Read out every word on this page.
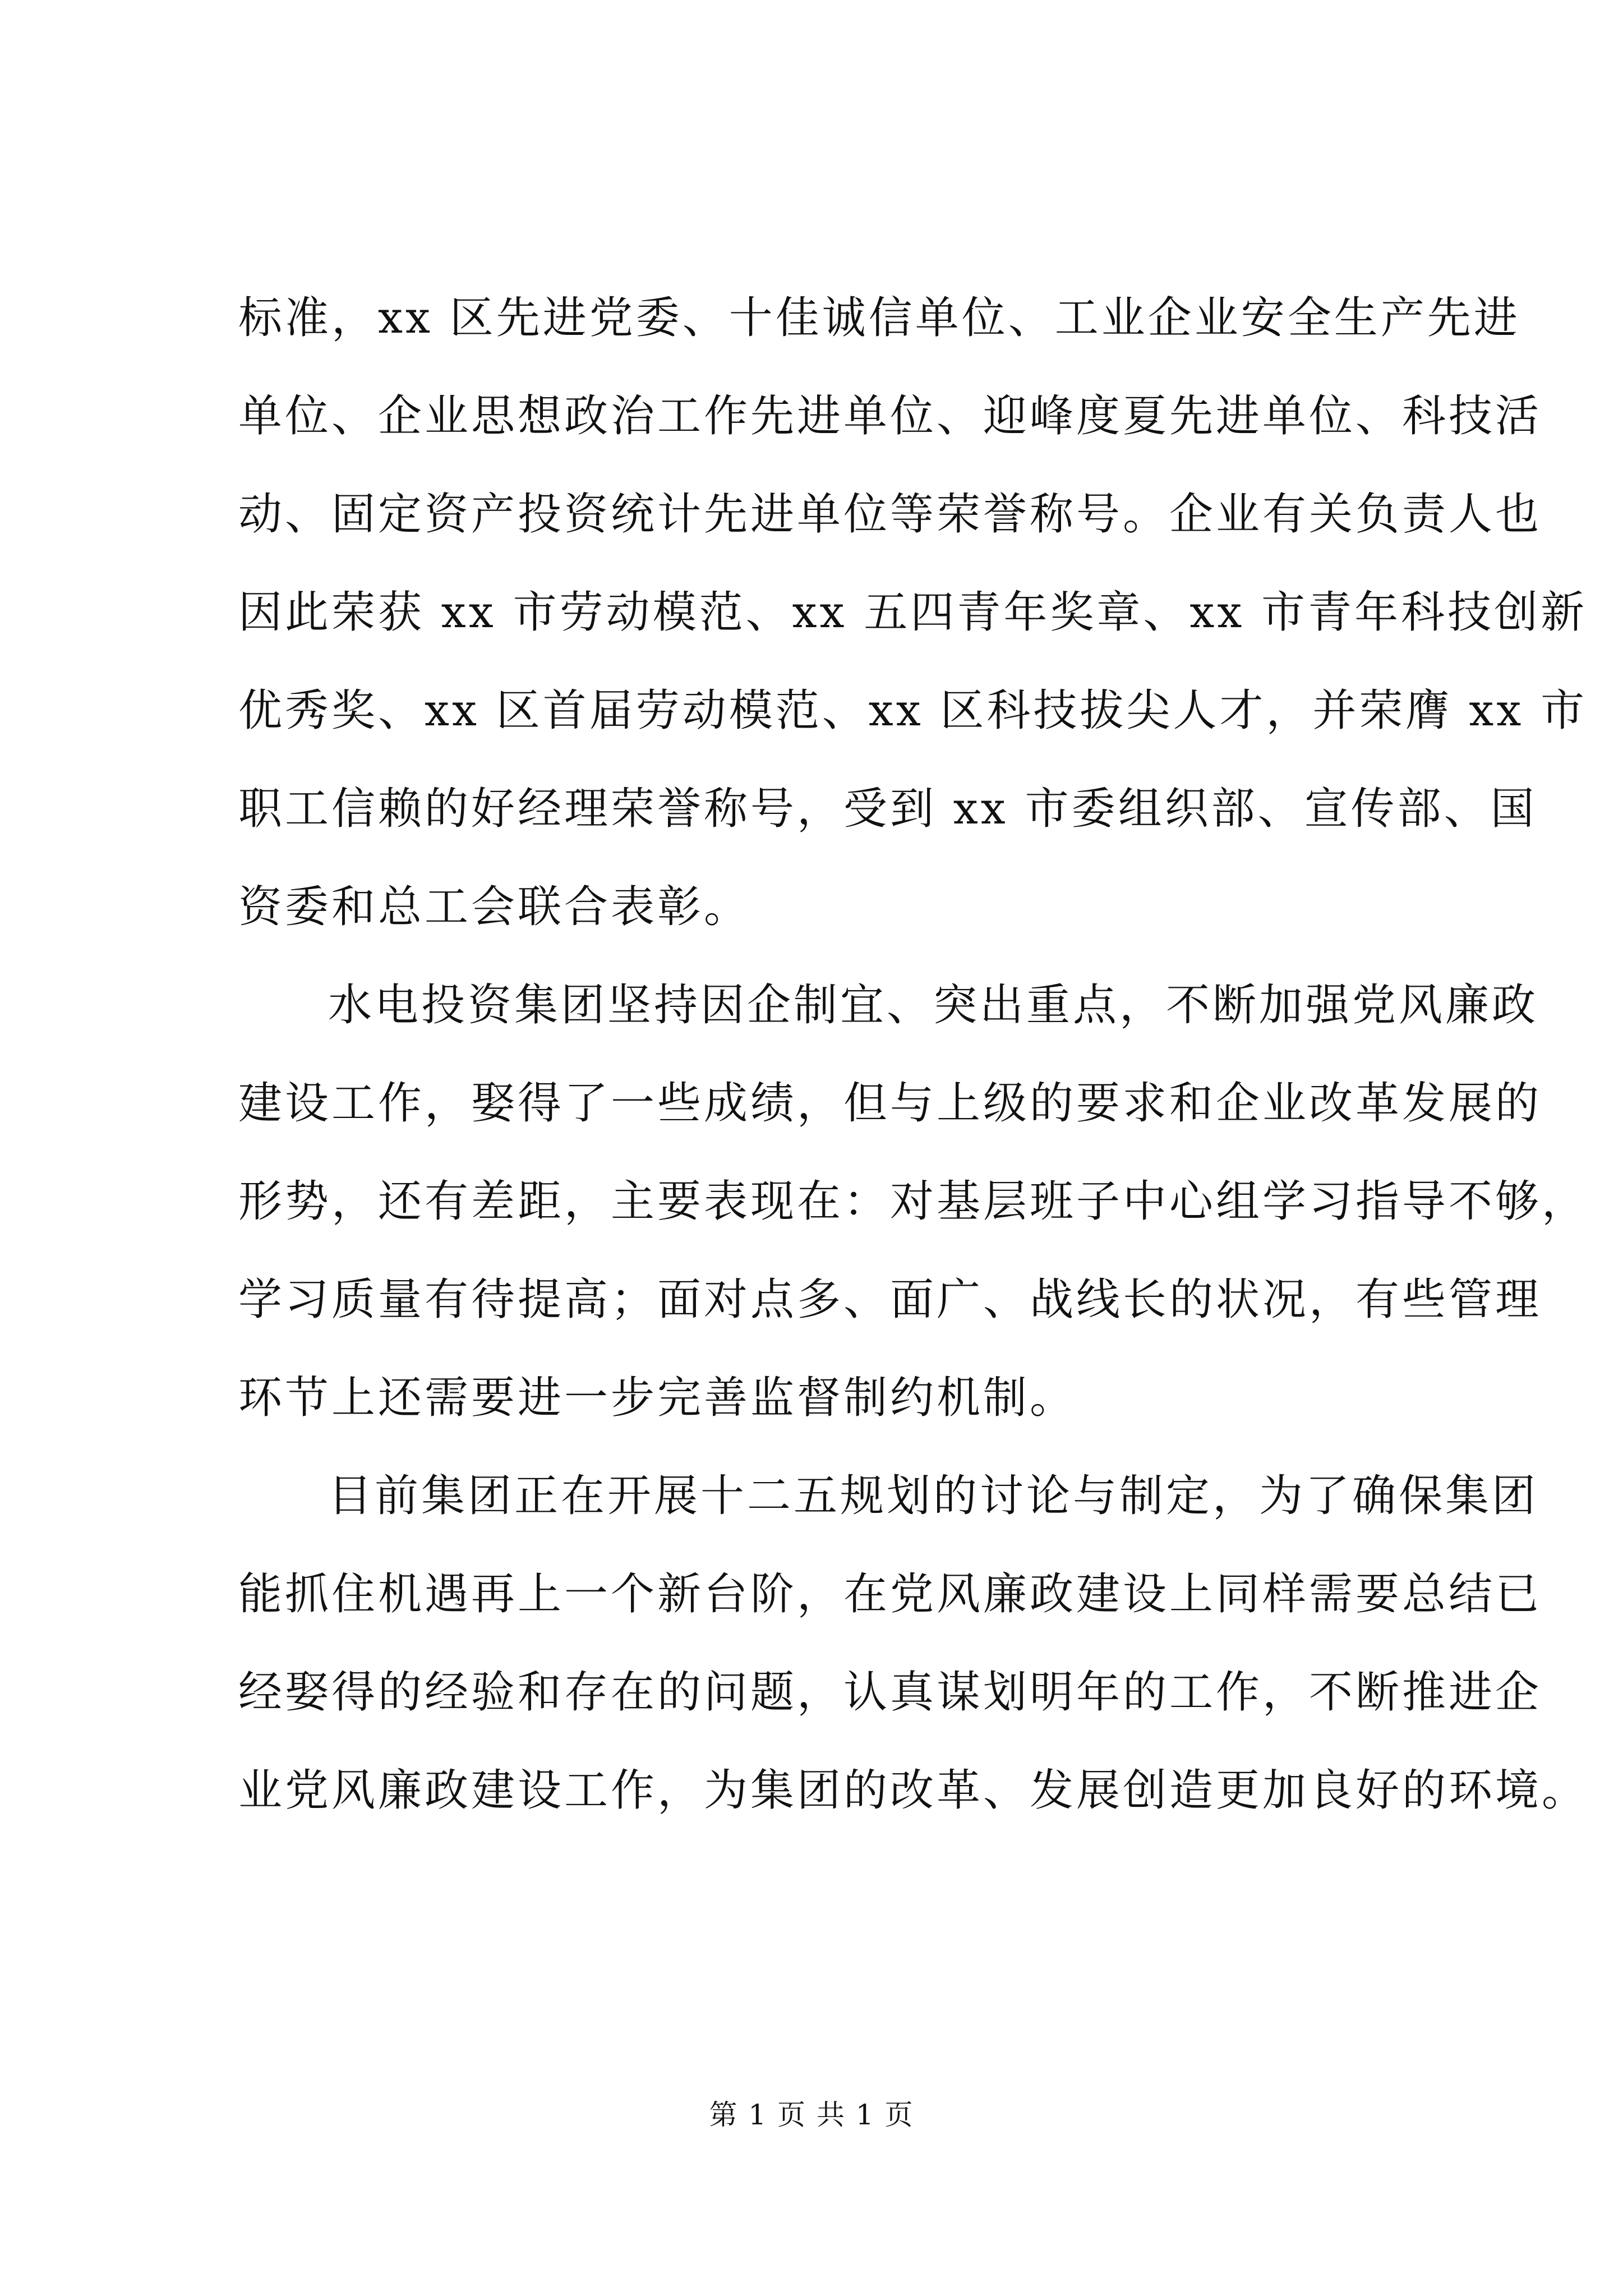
标准，xx 区先进党委、十佳诚信单位、工业企业安全生产先进
单位、企业思想政治工作先进单位、迎峰度夏先进单位、科技活
动、固定资产投资统计先进单位等荣誉称号。企业有关负责人也
因此荣获 xx 市劳动模范、xx 五四青年奖章、xx 市青年科技创新
优秀奖、xx 区首届劳动模范、xx 区科技拔尖人才，并荣膺 xx 市
职工信赖的好经理荣誉称号，受到 xx 市委组织部、宣传部、国
资委和总工会联合表彰。
水电投资集团坚持因企制宜、突出重点，不断加强党风廉政
建设工作，娶得了一些成绩，但与上级的要求和企业改革发展的
形势，还有差距，主要表现在：对基层班子中心组学习指导不够，
学习质量有待提高；面对点多、面广、战线长的状况，有些管理
环节上还需要进一步完善监督制约机制。
目前集团正在开展十二五规划的讨论与制定，为了确保集团
能抓住机遇再上一个新台阶，在党风廉政建设上同样需要总结已
经娶得的经验和存在的问题，认真谋划明年的工作，不断推进企
业党风廉政建设工作，为集团的改革、发展创造更加良好的环境。
第 1 页 共 1 页
